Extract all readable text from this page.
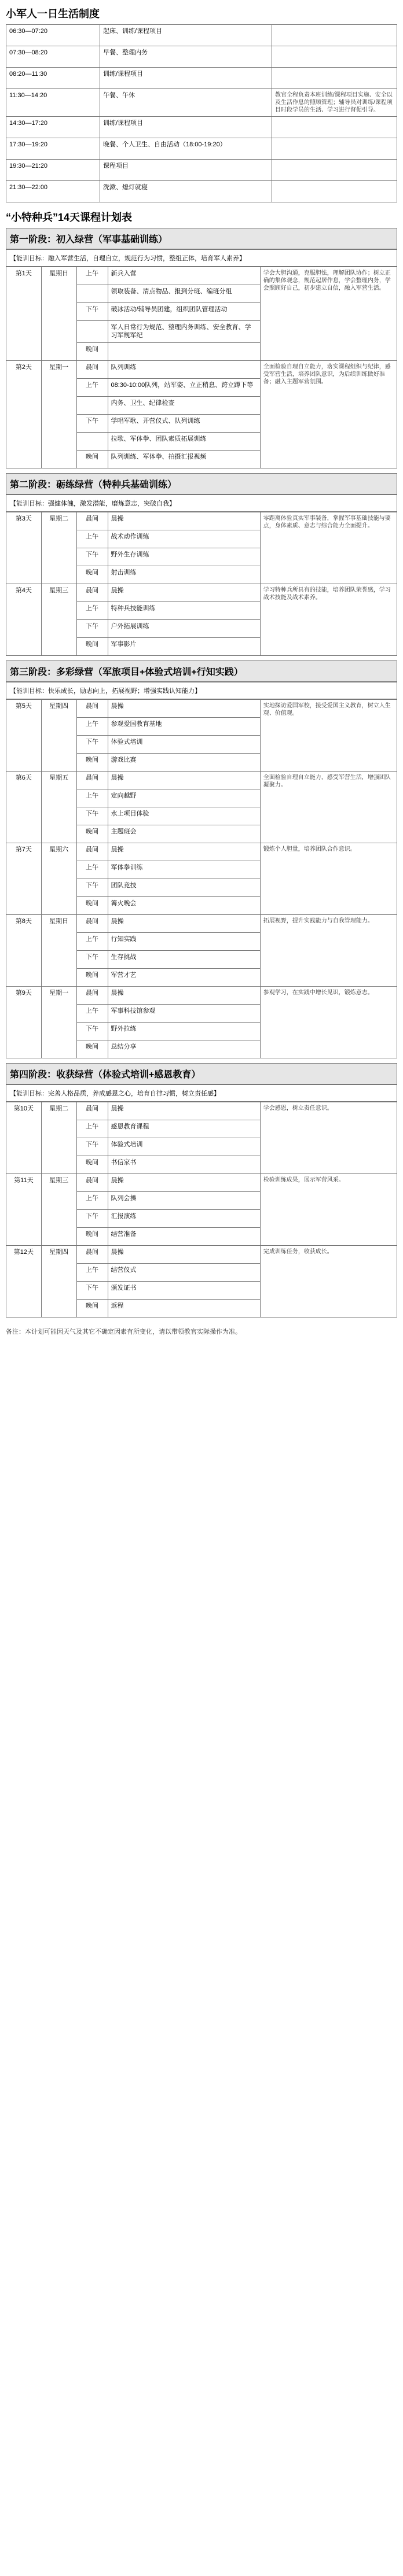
小军人一日生活制度
06:30—07:20	起床、训练/课程项目	
07:30—08:20	早餐、整理内务	
08:20—11:30	训练/课程项目	
11:30—14:20	午餐、午休	教官全程负责本班训练/课程项目实施、安全以及生活作息的照顾管理；辅导员对训练/课程项目时段学员的生活、学习进行督促引导。
14:30—17:20	训练/课程项目	
17:30—19:20	晚餐、个人卫生、自由活动（18:00-19:20）	
19:30—21:20	课程项目	
21:30—22:00	洗漱、熄灯就寝	
“小特种兵”14天课程计划表
第一阶段：初入绿营（军事基础训练）
【能训目标：融入军营生活，自理自立，规范行为习惯，整组正体，培育军人素养】
第1天	星期日	上午	新兵入营	学会大胆沟通，克服胆怯，理解团队协作；树立正确的集体观念，规范起居作息，学会整理内务，学会照顾好自己，初步建立自信，融入军营生活。
			领取装备、清点物品、报到分班、编班分组	
		下午	破冰活动/辅导员团建，组织团队管理活动	
			军人日常行为规范、整理内务训练、安全教育、学习军规军纪	
		晚间		
第2天	星期一	晨间	队列训练	全面检验自理自立能力，落实课程组织与纪律，感受军营生活，培养团队意识，为后续训练做好准备；融入主题军营氛围。
		上午	08:30-10:00队列，站军姿、立正稍息、跨立蹲下等	
			内务、卫生、纪律检查	
		下午	学唱军歌、开营仪式、队列训练	
			拉歌、军体拳、团队素质拓展训练	
		晚间	队列训练、军体拳、拍摄汇报视频	
第二阶段：砺练绿营（特种兵基础训练）
【能训目标：强健体魄，激发潜能，磨炼意志，突破自我】
第3天	星期二	晨间	晨操	零距离体验真实军事装备，掌握军事基础技能与要点，身体素质、意志与综合能力全面提升。
		上午	战术动作训练	
		下午	野外生存训练	
		晚间	射击训练	
第4天	星期三	晨间	晨操	学习特种兵所具有的技能，培养团队荣誉感，学习战术技能及战术素养。
		上午	特种兵技能训练	
		下午	户外拓展训练	
		晚间	军事影片	
第三阶段：多彩绿营（军旅项目+体验式培训+行知实践）
【能训目标：快乐成长，励志向上，拓展视野；增强实践认知能力】
第5天	星期四	晨间	晨操	实地探访爱国军校，接受爱国主义教育，树立人生观、价值观。
		上午	参观爱国教育基地	
		下午	体验式培训	
		晚间	游戏比赛	
第6天	星期五	晨间	晨操	全面检验自理自立能力，感受军营生活，增强团队凝聚力。
		上午	定向越野	
		下午	水上项目体验	
		晚间	主题班会	
第7天	星期六	晨间	晨操	锻炼个人胆量，培养团队合作意识。
		上午	军体拳训练	
		下午	团队竞技	
		晚间	篝火晚会	
第8天	星期日	晨间	晨操	拓展视野，提升实践能力与自我管理能力。
		上午	行知实践	
		下午	生存挑战	
		晚间	军营才艺	
第9天	星期一	晨间	晨操	参观学习，在实践中增长见识，锻炼意志。
		上午	军事科技馆参观	
		下午	野外拉练	
		晚间	总结分享	
第四阶段：收获绿营（体验式培训+感恩教育）
【能训目标：完善人格品质，养成感恩之心，培育自律习惯，树立责任感】
第10天	星期二	晨间	晨操	学会感恩，树立责任意识。
		上午	感恩教育课程	
		下午	体验式培训	
		晚间	书信家书	
第11天	星期三	晨间	晨操	检验训练成果，展示军营风采。
		上午	队列会操	
		下午	汇报演练	
		晚间	结营准备	
第12天	星期四	晨间	晨操	完成训练任务，收获成长。
		上午	结营仪式	
		下午	颁发证书	
		晚间	返程	
备注：本计划可能因天气及其它不确定因素有所变化，请以带领教官实际操作为准。
